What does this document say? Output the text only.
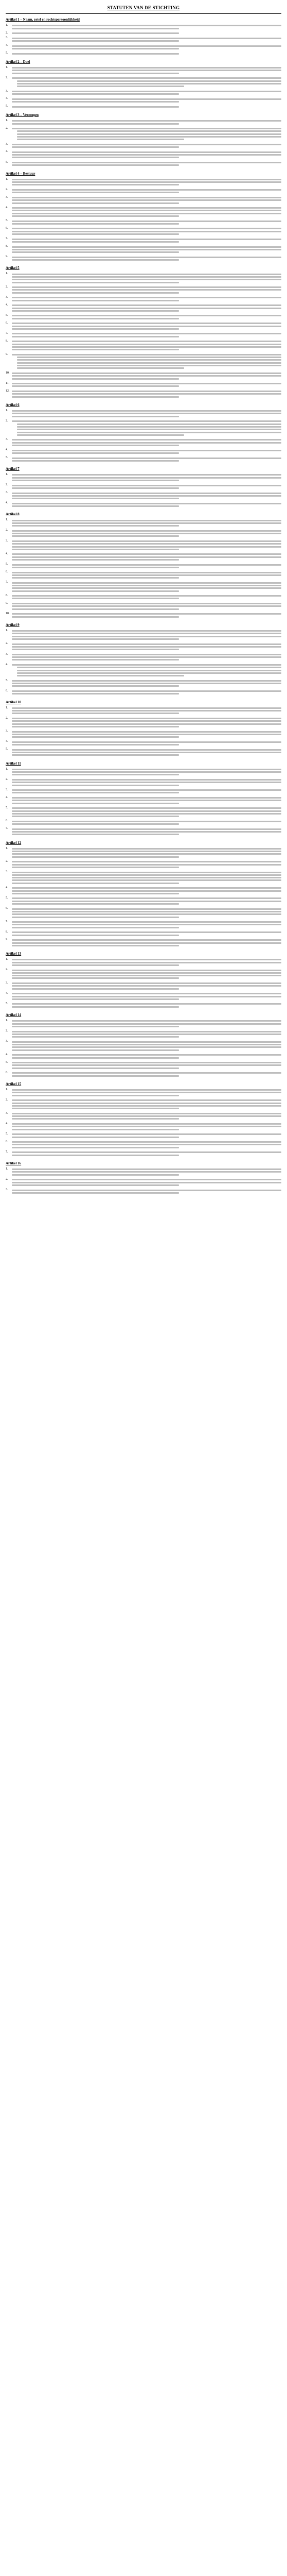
STATUTEN VAN DE STICHTING
Artikel 1 – Naam, zetel en rechtspersoonlijkheid
1.
2.
3.
4.
5.
Artikel 2 – Doel
1.
2.
3.
4.
5.
Artikel 3 – Vermogen
1.
2.
3.
4.
5.
Artikel 4 – Bestuur
1.
2.
3.
4.
5.
6.
7.
8.
9.
Artikel 5
1.
2.
3.
4.
5.
6.
7.
8.
9.
10.
11.
12.
Artikel 6
1.
2.
3.
4.
5.
Artikel 7
1.
2.
3.
4.
Artikel 8
1.
2.
3.
4.
5.
6.
7.
8.
9.
10.
Artikel 9
1.
2.
3.
4.
5.
6.
Artikel 10
1.
2.
3.
4.
5.
Artikel 11
1.
2.
3.
4.
5.
6.
7.
Artikel 12
1.
2.
3.
4.
5.
6.
7.
8.
9.
Artikel 13
1.
2.
3.
4.
5.
Artikel 14
1.
2.
3.
4.
5.
6.
Artikel 15
1.
2.
3.
4.
5.
6.
7.
Artikel 16
1.
2.
3.
